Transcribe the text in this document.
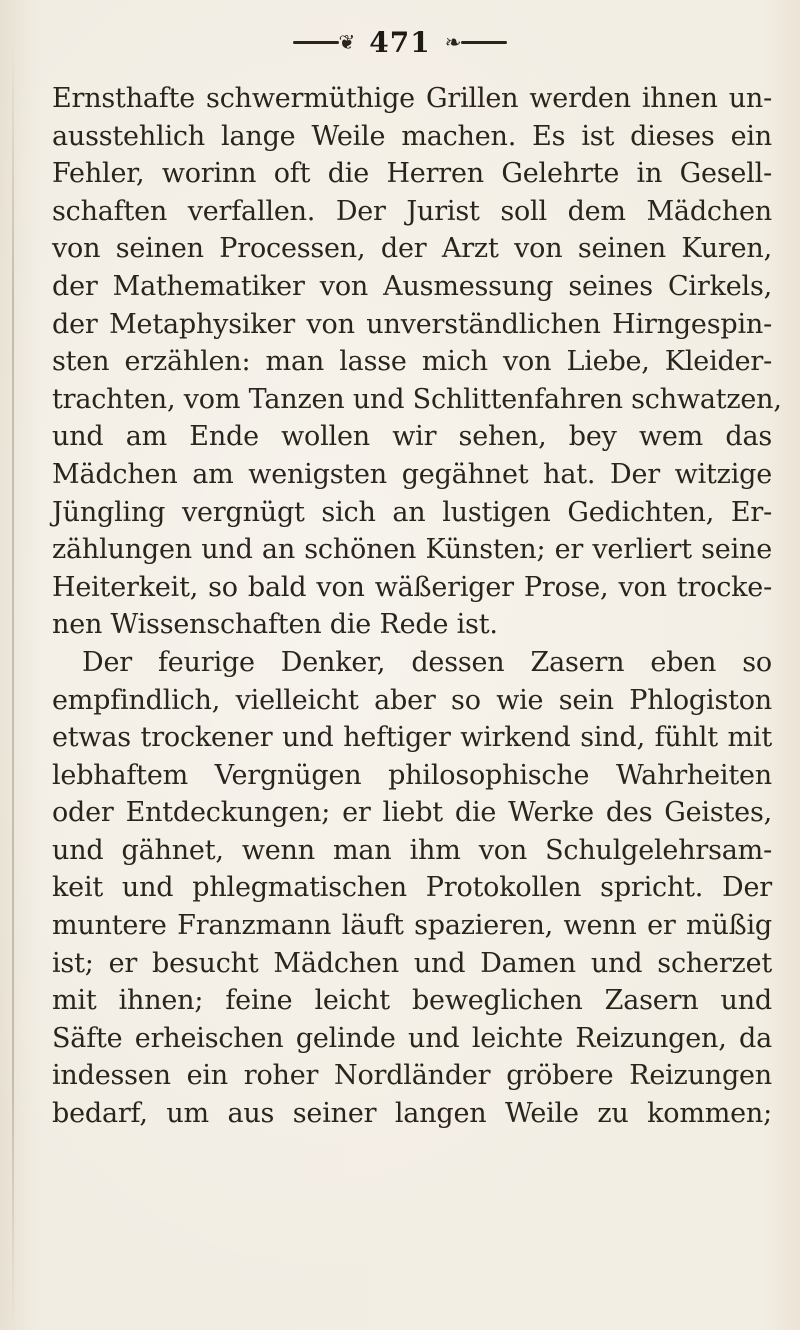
❦ 471 ❧
Ernsthafte schwermüthige Grillen werden ihnen un-
ausstehlich lange Weile machen. Es ist dieses ein
Fehler, worinn oft die Herren Gelehrte in Gesell-
schaften verfallen. Der Jurist soll dem Mädchen
von seinen Processen, der Arzt von seinen Kuren,
der Mathematiker von Ausmessung seines Cirkels,
der Metaphysiker von unverständlichen Hirngespin-
sten erzählen: man lasse mich von Liebe, Kleider-
trachten, vom Tanzen und Schlittenfahren schwatzen,
und am Ende wollen wir sehen, bey wem das
Mädchen am wenigsten gegähnet hat. Der witzige
Jüngling vergnügt sich an lustigen Gedichten, Er-
zählungen und an schönen Künsten; er verliert seine
Heiterkeit, so bald von wäßeriger Prose, von trocke-
nen Wissenschaften die Rede ist.
Der feurige Denker, dessen Zasern eben so
empfindlich, vielleicht aber so wie sein Phlogiston
etwas trockener und heftiger wirkend sind, fühlt mit
lebhaftem Vergnügen philosophische Wahrheiten
oder Entdeckungen; er liebt die Werke des Geistes,
und gähnet, wenn man ihm von Schulgelehrsam-
keit und phlegmatischen Protokollen spricht. Der
muntere Franzmann läuft spazieren, wenn er müßig
ist; er besucht Mädchen und Damen und scherzet
mit ihnen; feine leicht beweglichen Zasern und
Säfte erheischen gelinde und leichte Reizungen, da
indessen ein roher Nordländer gröbere Reizungen
bedarf, um aus seiner langen Weile zu kommen;
